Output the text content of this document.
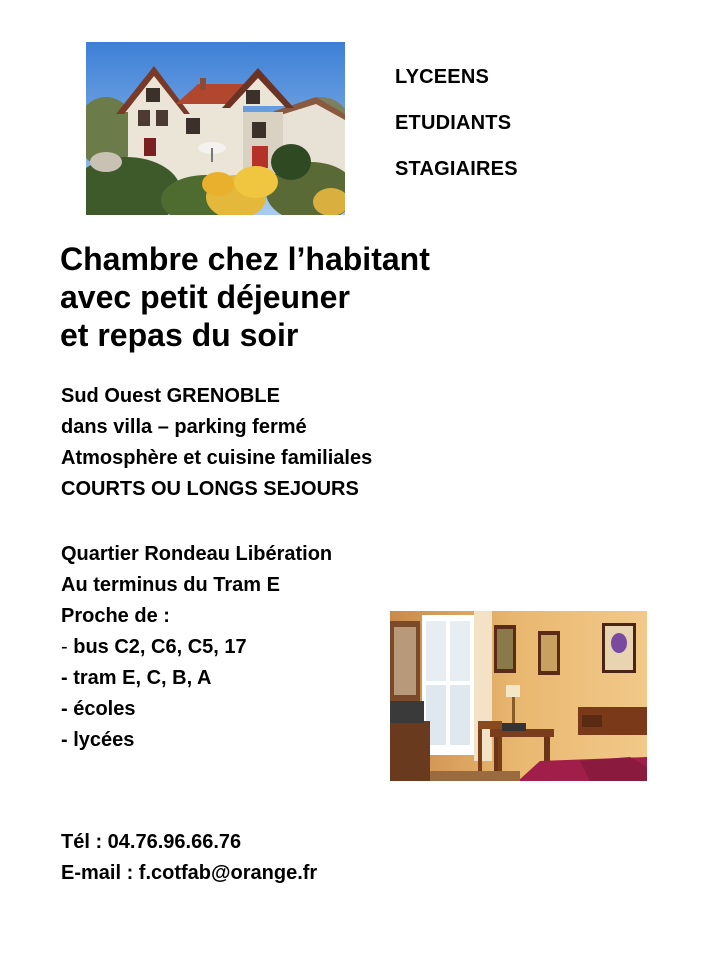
LYCEENS
ETUDIANTS
STAGIAIRES
Chambre chez l’habitant
avec petit déjeuner
et repas du soir
Sud Ouest GRENOBLE
dans villa – parking fermé
Atmosphère et cuisine familiales
COURTS OU LONGS SEJOURS
Quartier Rondeau Libération
Au terminus du Tram E
Proche de :
- bus C2, C6, C5, 17
- tram E, C, B, A
- écoles
- lycées
Tél : 04.76.96.66.76
E-mail : f.cotfab@orange.fr
